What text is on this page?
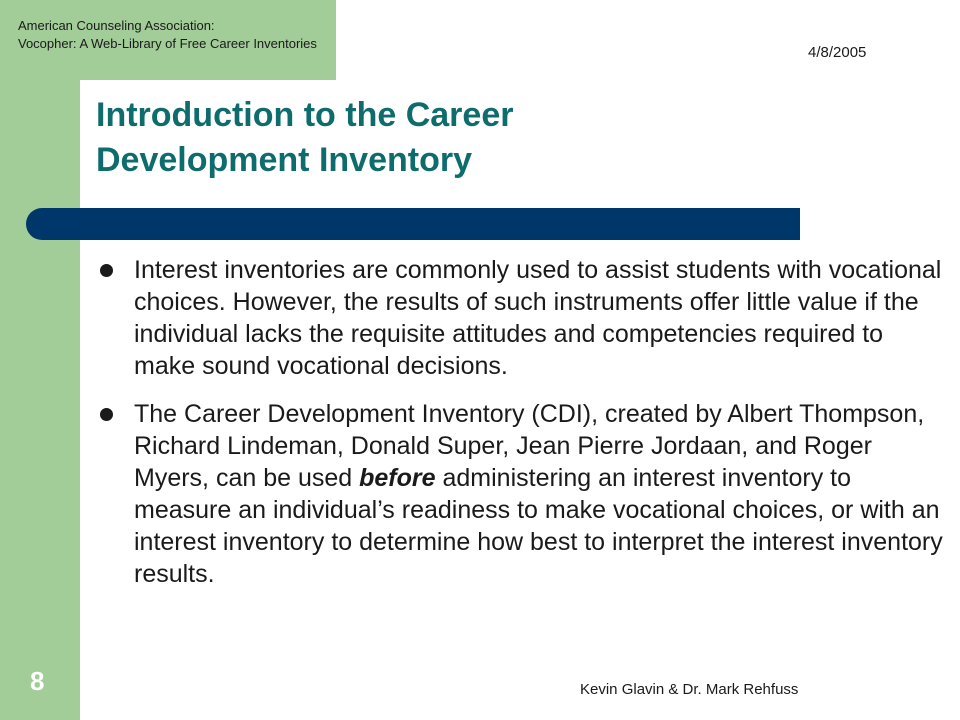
American Counseling Association:
Vocopher: A Web-Library of Free Career Inventories
4/8/2005
Introduction to the Career
Development Inventory
Interest inventories are commonly used to assist students with vocational choices. However, the results of such instruments offer little value if the individual lacks the requisite attitudes and competencies required to make sound vocational decisions.
The Career Development Inventory (CDI), created by Albert Thompson, Richard Lindeman, Donald Super, Jean Pierre Jordaan, and Roger Myers, can be used before administering an interest inventory to measure an individual’s readiness to make vocational choices, or with an interest inventory to determine how best to interpret the interest inventory results.
8	Kevin Glavin & Dr. Mark Rehfuss
